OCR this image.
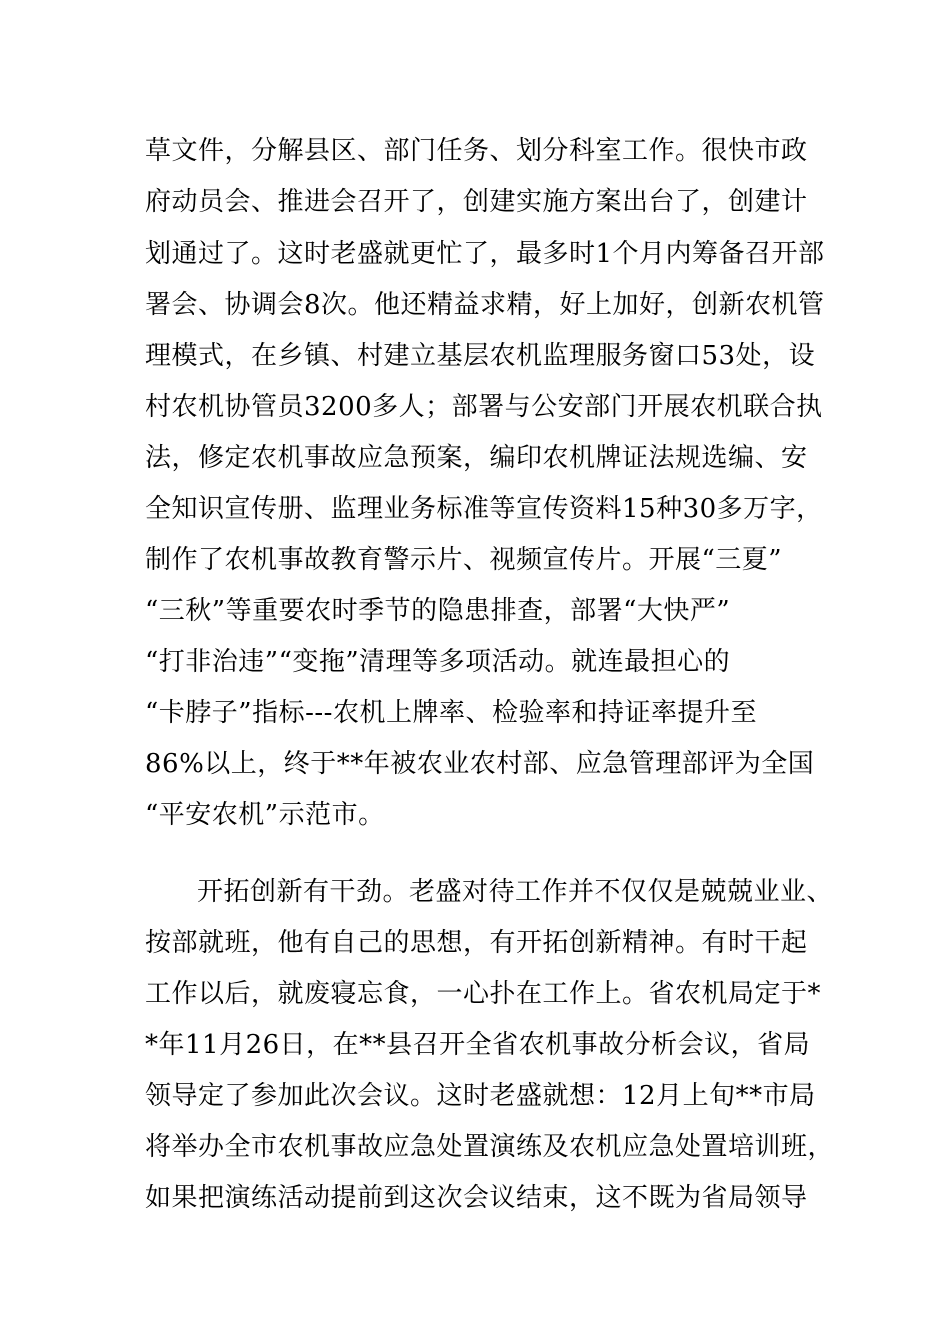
草文件，分解县区、部门任务、划分科室工作。很快市政
府动员会、推进会召开了，创建实施方案出台了，创建计
划通过了。这时老盛就更忙了，最多时1个月内筹备召开部
署会、协调会8次。他还精益求精，好上加好，创新农机管
理模式，在乡镇、村建立基层农机监理服务窗口53处，设
村农机协管员3200多人；部署与公安部门开展农机联合执
法，修定农机事故应急预案，编印农机牌证法规选编、安
全知识宣传册、监理业务标准等宣传资料15种30多万字，
制作了农机事故教育警示片、视频宣传片。开展“三夏”
“三秋”等重要农时季节的隐患排查，部署“大快严”
“打非治违”“变拖”清理等多项活动。就连最担心的
“卡脖子”指标---农机上牌率、检验率和持证率提升至
86%以上，终于**年被农业农村部、应急管理部评为全国
“平安农机”示范市。
开拓创新有干劲。老盛对待工作并不仅仅是兢兢业业、
按部就班，他有自己的思想，有开拓创新精神。有时干起
工作以后，就废寝忘食，一心扑在工作上。省农机局定于*
*年11月26日，在**县召开全省农机事故分析会议，省局
领导定了参加此次会议。这时老盛就想：12月上旬**市局
将举办全市农机事故应急处置演练及农机应急处置培训班，
如果把演练活动提前到这次会议结束，这不既为省局领导
